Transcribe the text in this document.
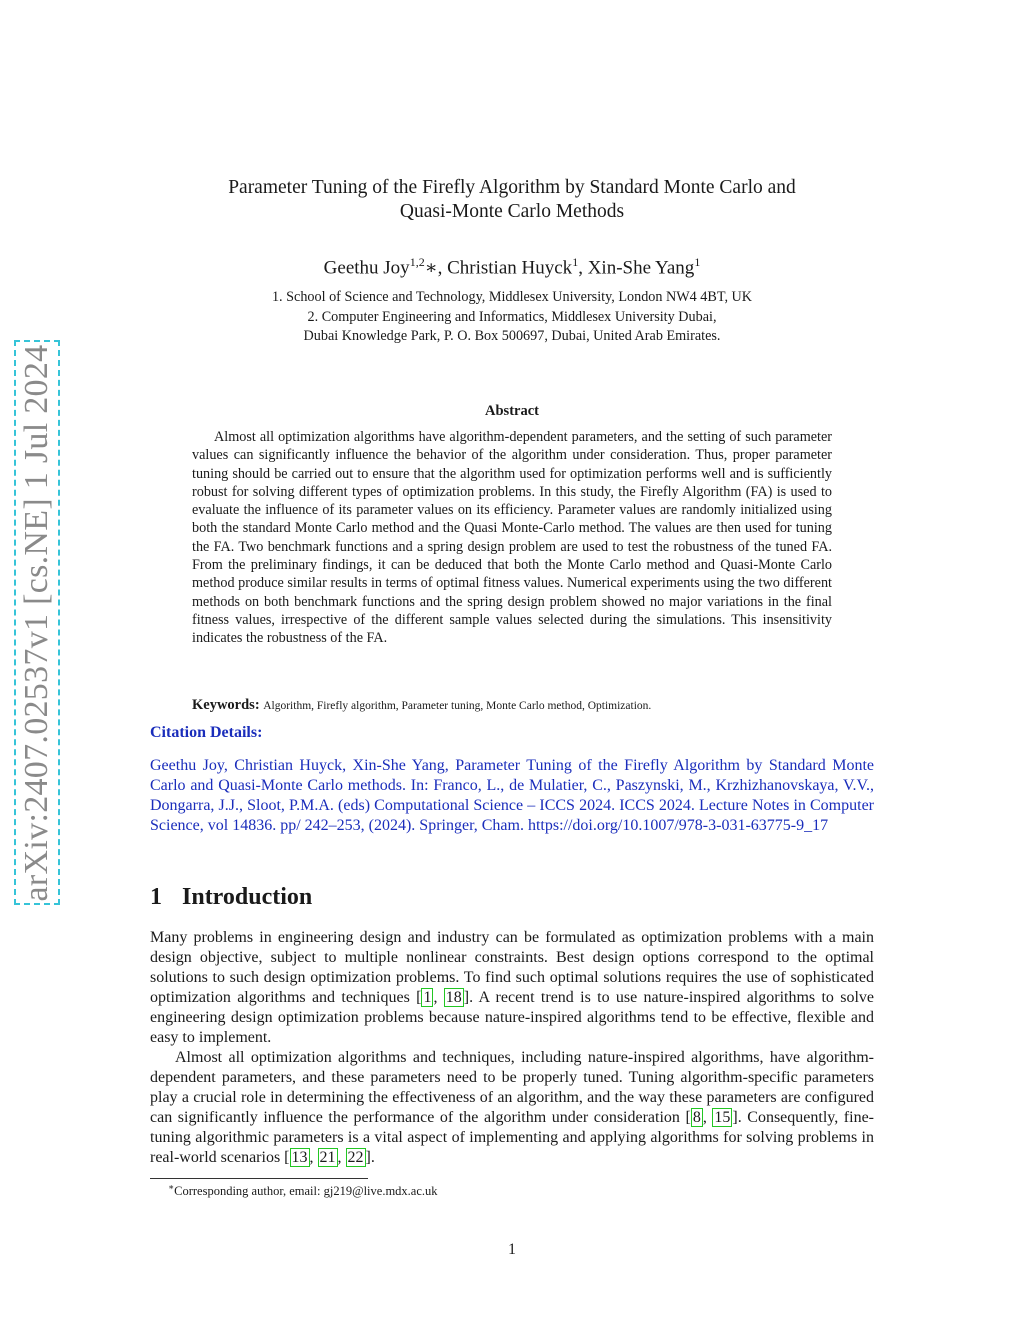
arXiv:2407.02537v1 [cs.NE] 1 Jul 2024
Parameter Tuning of the Firefly Algorithm by Standard Monte Carlo and
Quasi-Monte Carlo Methods
Geethu Joy$^{1,2}$∗, Christian Huyck$^1$, Xin-She Yang$^1$
1. School of Science and Technology, Middlesex University, London NW4 4BT, UK
2. Computer Engineering and Informatics, Middlesex University Dubai,
Dubai Knowledge Park, P. O. Box 500697, Dubai, United Arab Emirates.
Abstract

Almost all optimization algorithms have algorithm-dependent parameters, and the setting of such parameter values can significantly influence the behavior of the algorithm under consideration. Thus, proper parameter tuning should be carried out to ensure that the algorithm used for optimization performs well and is sufficiently robust for solving different types of optimization problems. In this study, the Firefly Algorithm (FA) is used to evaluate the influence of its parameter values on its efficiency. Parameter values are randomly initialized using both the standard Monte Carlo method and the Quasi Monte-Carlo method. The values are then used for tuning the FA. Two benchmark functions and a spring design problem are used to test the robustness of the tuned FA. From the preliminary findings, it can be deduced that both the Monte Carlo method and Quasi-Monte Carlo method produce similar results in terms of optimal fitness values. Numerical experiments using the two different methods on both benchmark functions and the spring design problem showed no major variations in the final fitness values, irrespective of the different sample values selected during the simulations. This insensitivity indicates the robustness of the FA.

Keywords: Algorithm, Firefly algorithm, Parameter tuning, Monte Carlo method, Optimization.
Citation Details:

Geethu Joy, Christian Huyck, Xin-She Yang, Parameter Tuning of the Firefly Algorithm by Standard Monte Carlo and Quasi-Monte Carlo methods. In: Franco, L., de Mulatier, C., Paszynski, M., Krzhizhanovskaya, V.V., Dongarra, J.J., Sloot, P.M.A. (eds) Computational Science – ICCS 2024. ICCS 2024. Lecture Notes in Computer Science, vol 14836. pp/ 242–253, (2024). Springer, Cham. https://doi.org/10.1007/978-3-031-63775-9_17

1 Introduction

Many problems in engineering design and industry can be formulated as optimization problems with a main design objective, subject to multiple nonlinear constraints. Best design options correspond to the optimal solutions to such design optimization problems. To find such optimal solutions requires the use of sophisticated optimization algorithms and techniques [ 1 , 18 ]. A recent trend is to use nature-inspired algorithms to solve engineering design optimization problems because nature-inspired algorithms tend to be effective, flexible and easy to implement.

Almost all optimization algorithms and techniques, including nature-inspired algorithms, have algorithm-dependent parameters, and these parameters need to be properly tuned. Tuning algorithm-specific parameters play a crucial role in determining the effectiveness of an algorithm, and the way these parameters are configured can significantly influence the performance of the algorithm under consideration [ 8 , 15 ]. Consequently, fine-tuning algorithmic parameters is a vital aspect of implementing and applying algorithms for solving problems in real-world scenarios [ 13 , 21 , 22 ].

∗Corresponding author, email: gj219@live.mdx.ac.uk
1
